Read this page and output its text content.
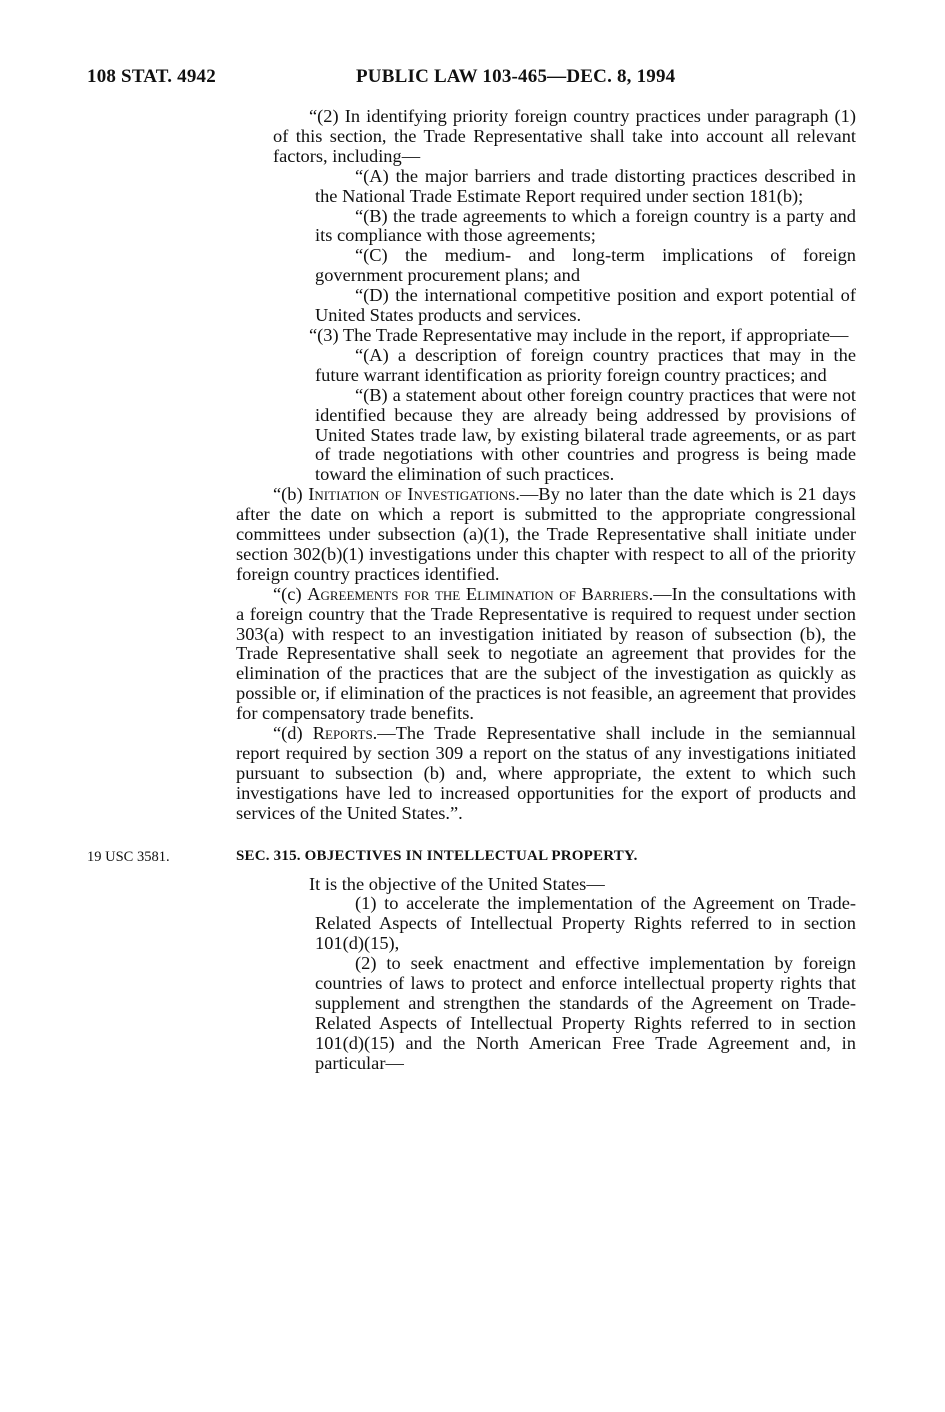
108 STAT. 4942	PUBLIC LAW 103-465—DEC. 8, 1994

“(2) In identifying priority foreign country practices under paragraph (1) of this section, the Trade Representative shall take into account all relevant factors, including—

“(A) the major barriers and trade distorting practices described in the National Trade Estimate Report required under section 181(b);

“(B) the trade agreements to which a foreign country is a party and its compliance with those agreements;

“(C) the medium- and long-term implications of foreign government procurement plans; and

“(D) the international competitive position and export potential of United States products and services.

“(3) The Trade Representative may include in the report, if appropriate—

“(A) a description of foreign country practices that may in the future warrant identification as priority foreign country practices; and

“(B) a statement about other foreign country practices that were not identified because they are already being addressed by provisions of United States trade law, by existing bilateral trade agreements, or as part of trade negotiations with other countries and progress is being made toward the elimination of such practices.

“(b) Initiation of Investigations.—By no later than the date which is 21 days after the date on which a report is submitted to the appropriate congressional committees under subsection (a)(1), the Trade Representative shall initiate under section 302(b)(1) investigations under this chapter with respect to all of the priority foreign country practices identified.

“(c) Agreements for the Elimination of Barriers.—In the consultations with a foreign country that the Trade Representative is required to request under section 303(a) with respect to an investigation initiated by reason of subsection (b), the Trade Representative shall seek to negotiate an agreement that provides for the elimination of the practices that are the subject of the investigation as quickly as possible or, if elimination of the practices is not feasible, an agreement that provides for compensatory trade benefits.

“(d) Reports.—The Trade Representative shall include in the semiannual report required by section 309 a report on the status of any investigations initiated pursuant to subsection (b) and, where appropriate, the extent to which such investigations have led to increased opportunities for the export of products and services of the United States.”.

19 USC 3581.	SEC. 315. OBJECTIVES IN INTELLECTUAL PROPERTY.

It is the objective of the United States—

(1) to accelerate the implementation of the Agreement on Trade-Related Aspects of Intellectual Property Rights referred to in section 101(d)(15),

(2) to seek enactment and effective implementation by foreign countries of laws to protect and enforce intellectual property rights that supplement and strengthen the standards of the Agreement on Trade-Related Aspects of Intellectual Property Rights referred to in section 101(d)(15) and the North American Free Trade Agreement and, in particular—
